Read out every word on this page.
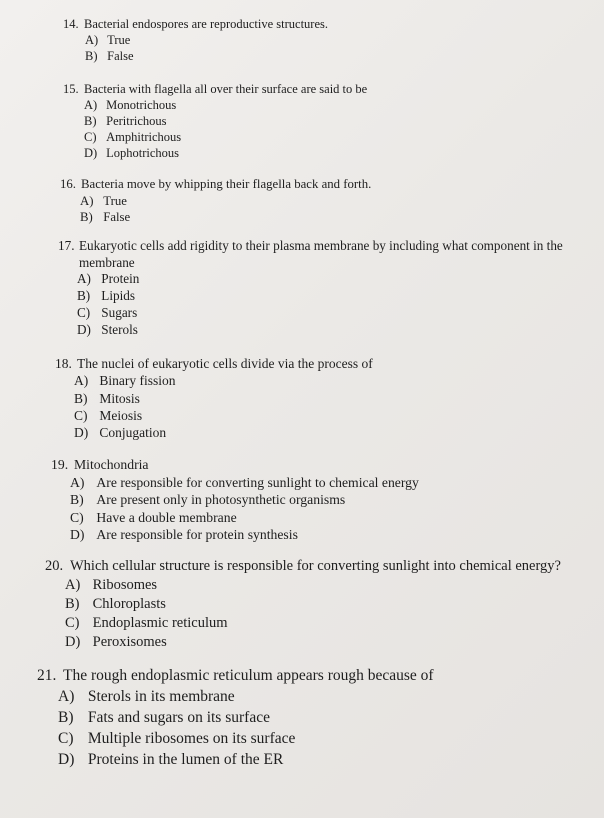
14. Bacterial endospores are reproductive structures.
A) True
B) False
15. Bacteria with flagella all over their surface are said to be
A) Monotrichous
B) Peritrichous
C) Amphitrichous
D) Lophotrichous
16. Bacteria move by whipping their flagella back and forth.
A) True
B) False
17. Eukaryotic cells add rigidity to their plasma membrane by including what component in the membrane
A) Protein
B) Lipids
C) Sugars
D) Sterols
18. The nuclei of eukaryotic cells divide via the process of
A) Binary fission
B) Mitosis
C) Meiosis
D) Conjugation
19. Mitochondria
A) Are responsible for converting sunlight to chemical energy
B) Are present only in photosynthetic organisms
C) Have a double membrane
D) Are responsible for protein synthesis
20. Which cellular structure is responsible for converting sunlight into chemical energy?
A) Ribosomes
B) Chloroplasts
C) Endoplasmic reticulum
D) Peroxisomes
21. The rough endoplasmic reticulum appears rough because of
A) Sterols in its membrane
B) Fats and sugars on its surface
C) Multiple ribosomes on its surface
D) Proteins in the lumen of the ER
